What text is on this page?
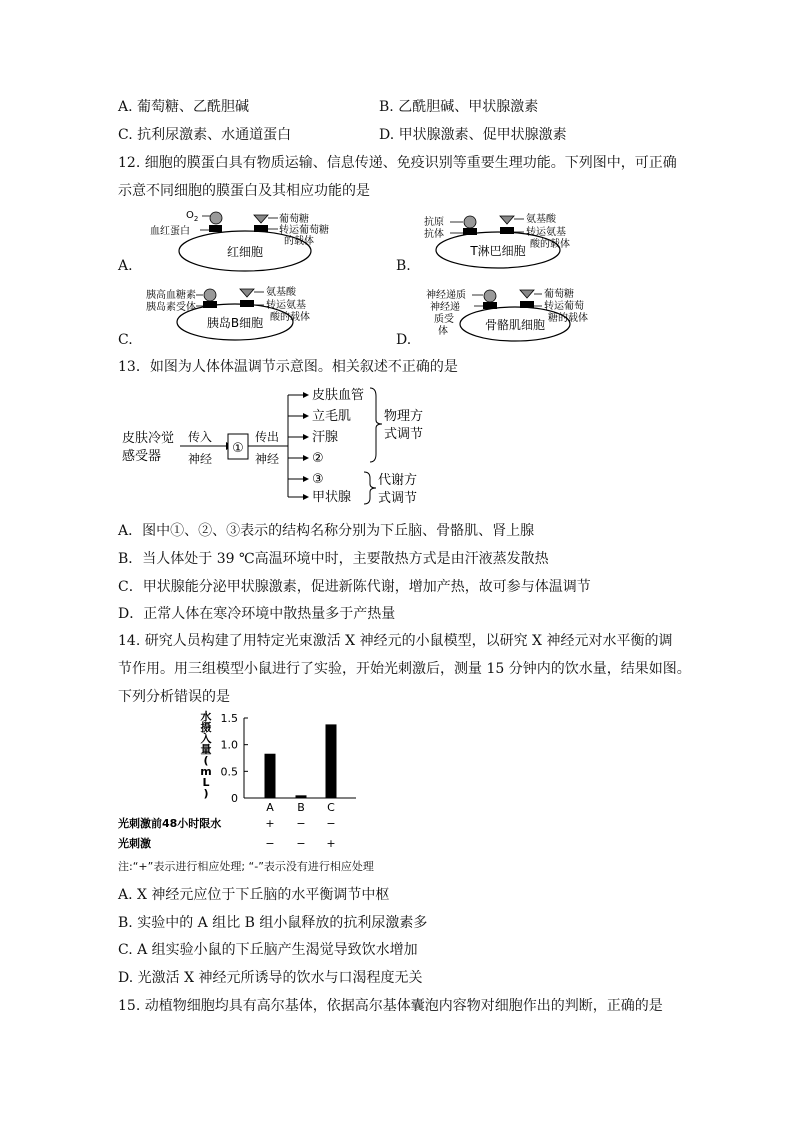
A. 葡萄糖、乙酰胆碱	B. 乙酰胆碱、甲状腺激素
C. 抗利尿激素、水通道蛋白	D. 甲状腺激素、促甲状腺激素
12. 细胞的膜蛋白具有物质运输、信息传递、免疫识别等重要生理功能。下列图中，可正确
示意不同细胞的膜蛋白及其相应功能的是
A.
红细胞
$O_2$
血红蛋白
葡萄糖
转运葡萄糖
的载体
B.
T淋巴细胞
抗原
抗体
氨基酸
转运氨基
酸的载体
C.
胰岛B细胞
胰高血糖素
胰岛素受体
氨基酸
转运氨基
酸的载体
D.
骨骼肌细胞
神经递质
神经递
质受
体
葡萄糖
转运葡萄
糖的载体
13．如图为人体体温调节示意图。相关叙述不正确的是
皮肤冷觉
感受器
传入
神经
①
传出
神经
皮肤血管
立毛肌
汗腺
②
③
甲状腺
物理方
式调节
代谢方
式调节
A．图中①、②、③表示的结构名称分别为下丘脑、骨骼肌、肾上腺
B．当人体处于 39 ℃高温环境中时，主要散热方式是由汗液蒸发散热
C．甲状腺能分泌甲状腺激素，促进新陈代谢，增加产热，故可参与体温调节
D．正常人体在寒冷环境中散热量多于产热量
14. 研究人员构建了用特定光束激活 X 神经元的小鼠模型，以研究 X 神经元对水平衡的调
节作用。用三组模型小鼠进行了实验，开始光刺激后，测量 15 分钟内的饮水量，结果如图。
下列分析错误的是
水
摄
入
量
(
m
L
) 0
0.5
1.0
1.5
A B C
光刺激前48小时限水	+ − −
光刺激	− − +
注:“+”表示进行相应处理; “-”表示没有进行相应处理
A. X 神经元应位于下丘脑的水平衡调节中枢
B. 实验中的 A 组比 B 组小鼠释放的抗利尿激素多
C. A 组实验小鼠的下丘脑产生渴觉导致饮水增加
D. 光激活 X 神经元所诱导的饮水与口渴程度无关
15. 动植物细胞均具有高尔基体，依据高尔基体囊泡内容物对细胞作出的判断，正确的是
